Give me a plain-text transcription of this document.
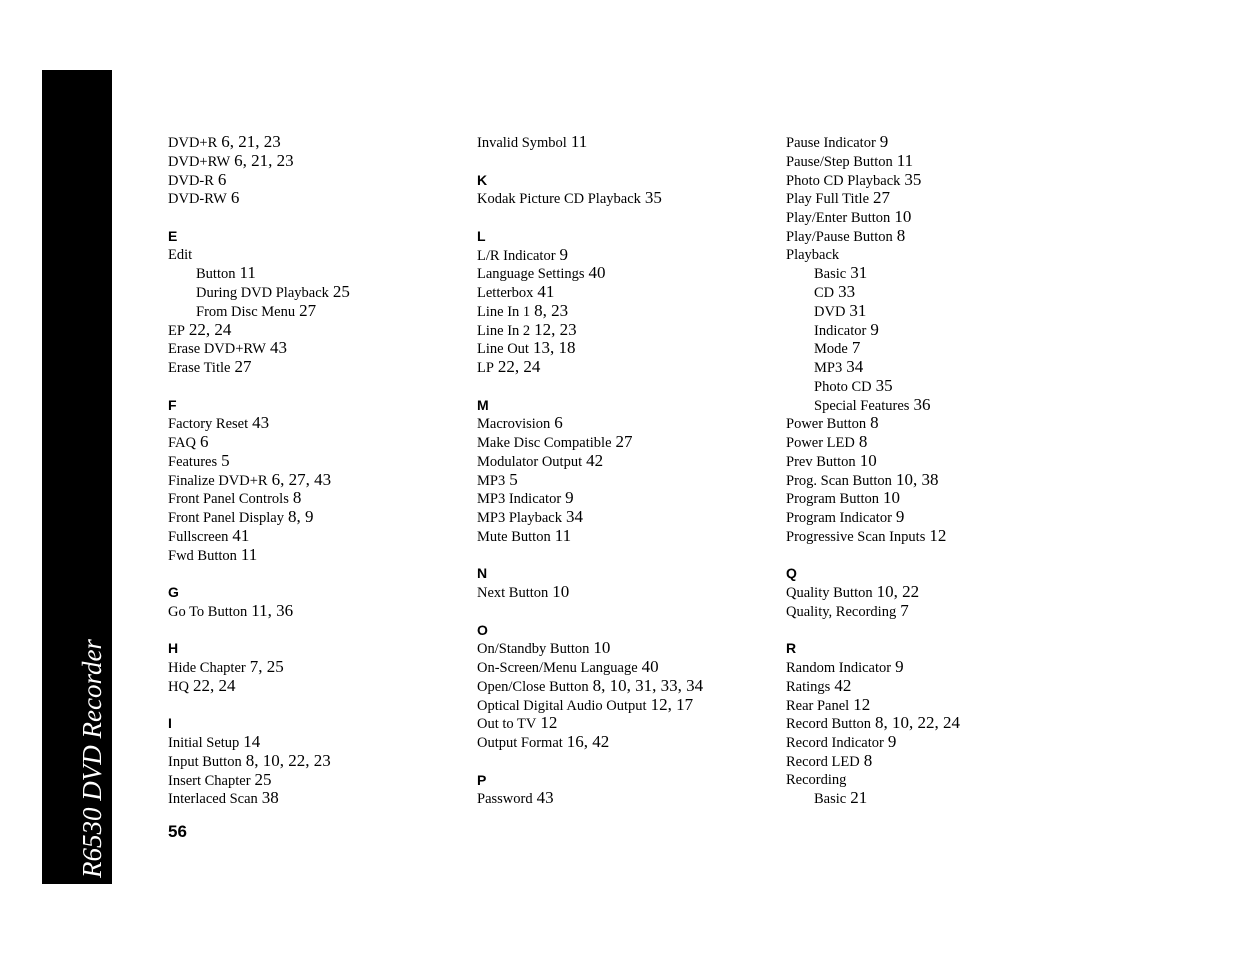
R6530 DVD Recorder
DVD+R 6, 21, 23
DVD+RW 6, 21, 23
DVD-R 6
DVD-RW 6
E
Edit
Button 11
During DVD Playback 25
From Disc Menu 27
EP 22, 24
Erase DVD+RW 43
Erase Title 27
F
Factory Reset 43
FAQ 6
Features 5
Finalize DVD+R 6, 27, 43
Front Panel Controls 8
Front Panel Display 8, 9
Fullscreen 41
Fwd Button 11
G
Go To Button 11, 36
H
Hide Chapter 7, 25
HQ 22, 24
I
Initial Setup 14
Input Button 8, 10, 22, 23
Insert Chapter 25
Interlaced Scan 38
Invalid Symbol 11
K
Kodak Picture CD Playback 35
L
L/R Indicator 9
Language Settings 40
Letterbox 41
Line In 1 8, 23
Line In 2 12, 23
Line Out 13, 18
LP 22, 24
M
Macrovision 6
Make Disc Compatible 27
Modulator Output 42
MP3 5
MP3 Indicator 9
MP3 Playback 34
Mute Button 11
N
Next Button 10
O
On/Standby Button 10
On-Screen/Menu Language 40
Open/Close Button 8, 10, 31, 33, 34
Optical Digital Audio Output 12, 17
Out to TV 12
Output Format 16, 42
P
Password 43
Pause Indicator 9
Pause/Step Button 11
Photo CD Playback 35
Play Full Title 27
Play/Enter Button 10
Play/Pause Button 8
Playback
Basic 31
CD 33
DVD 31
Indicator 9
Mode 7
MP3 34
Photo CD 35
Special Features 36
Power Button 8
Power LED 8
Prev Button 10
Prog. Scan Button 10, 38
Program Button 10
Program Indicator 9
Progressive Scan Inputs 12
Q
Quality Button 10, 22
Quality, Recording 7
R
Random Indicator 9
Ratings 42
Rear Panel 12
Record Button 8, 10, 22, 24
Record Indicator 9
Record LED 8
Recording
Basic 21
56
